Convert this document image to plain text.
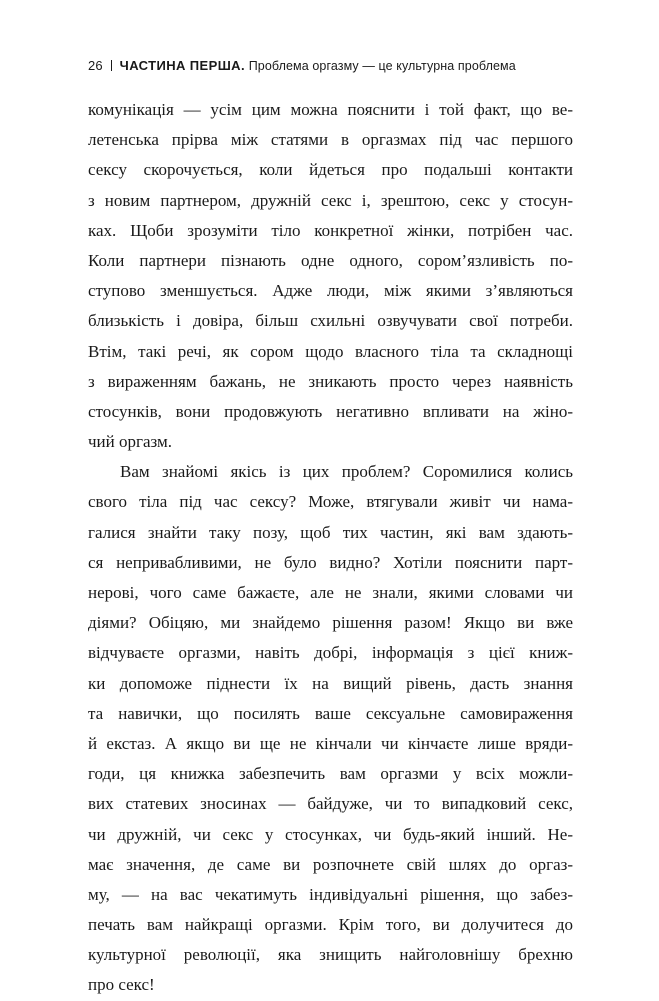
26 ЧАСТИНА ПЕРША. Проблема оргазму — це культурна проблема

комунікація — усім цим можна пояснити і той факт, що ве-
летенська прірва між статями в оргазмах під час першого
сексу скорочується, коли йдеться про подальші контакти
з новим партнером, дружній секс і, зрештою, секс у стосун-
ках. Щоби зрозуміти тіло конкретної жінки, потрібен час.
Коли партнери пізнають одне одного, сором’язливість по-
ступово зменшується. Адже люди, між якими з’являються
близькість і довіра, більш схильні озвучувати свої потреби.
Втім, такі речі, як сором щодо власного тіла та складнощі
з вираженням бажань, не зникають просто через наявність
стосунків, вони продовжують негативно впливати на жіно-
чий оргазм.

Вам знайомі якісь із цих проблем? Соромилися колись
свого тіла під час сексу? Може, втягували живіт чи нама-
галися знайти таку позу, щоб тих частин, які вам здають-
ся непривабливими, не було видно? Хотіли пояснити парт-
нерові, чого саме бажаєте, але не знали, якими словами чи
діями? Обіцяю, ми знайдемо рішення разом! Якщо ви вже
відчуваєте оргазми, навіть добрі, інформація з цієї книж-
ки допоможе піднести їх на вищий рівень, дасть знання
та навички, що посилять ваше сексуальне самовираження
й екстаз. А якщо ви ще не кінчали чи кінчаєте лише вряди-
годи, ця книжка забезпечить вам оргазми у всіх можли-
вих статевих зносинах — байдуже, чи то випадковий секс,
чи дружній, чи секс у стосунках, чи будь-який інший. Не-
має значення, де саме ви розпочнете свій шлях до оргаз-
му, — на вас чекатимуть індивідуальні рішення, що забез-
печать вам найкращі оргазми. Крім того, ви долучитеся до
культурної революції, яка знищить найголовнішу брехню
про секс!
